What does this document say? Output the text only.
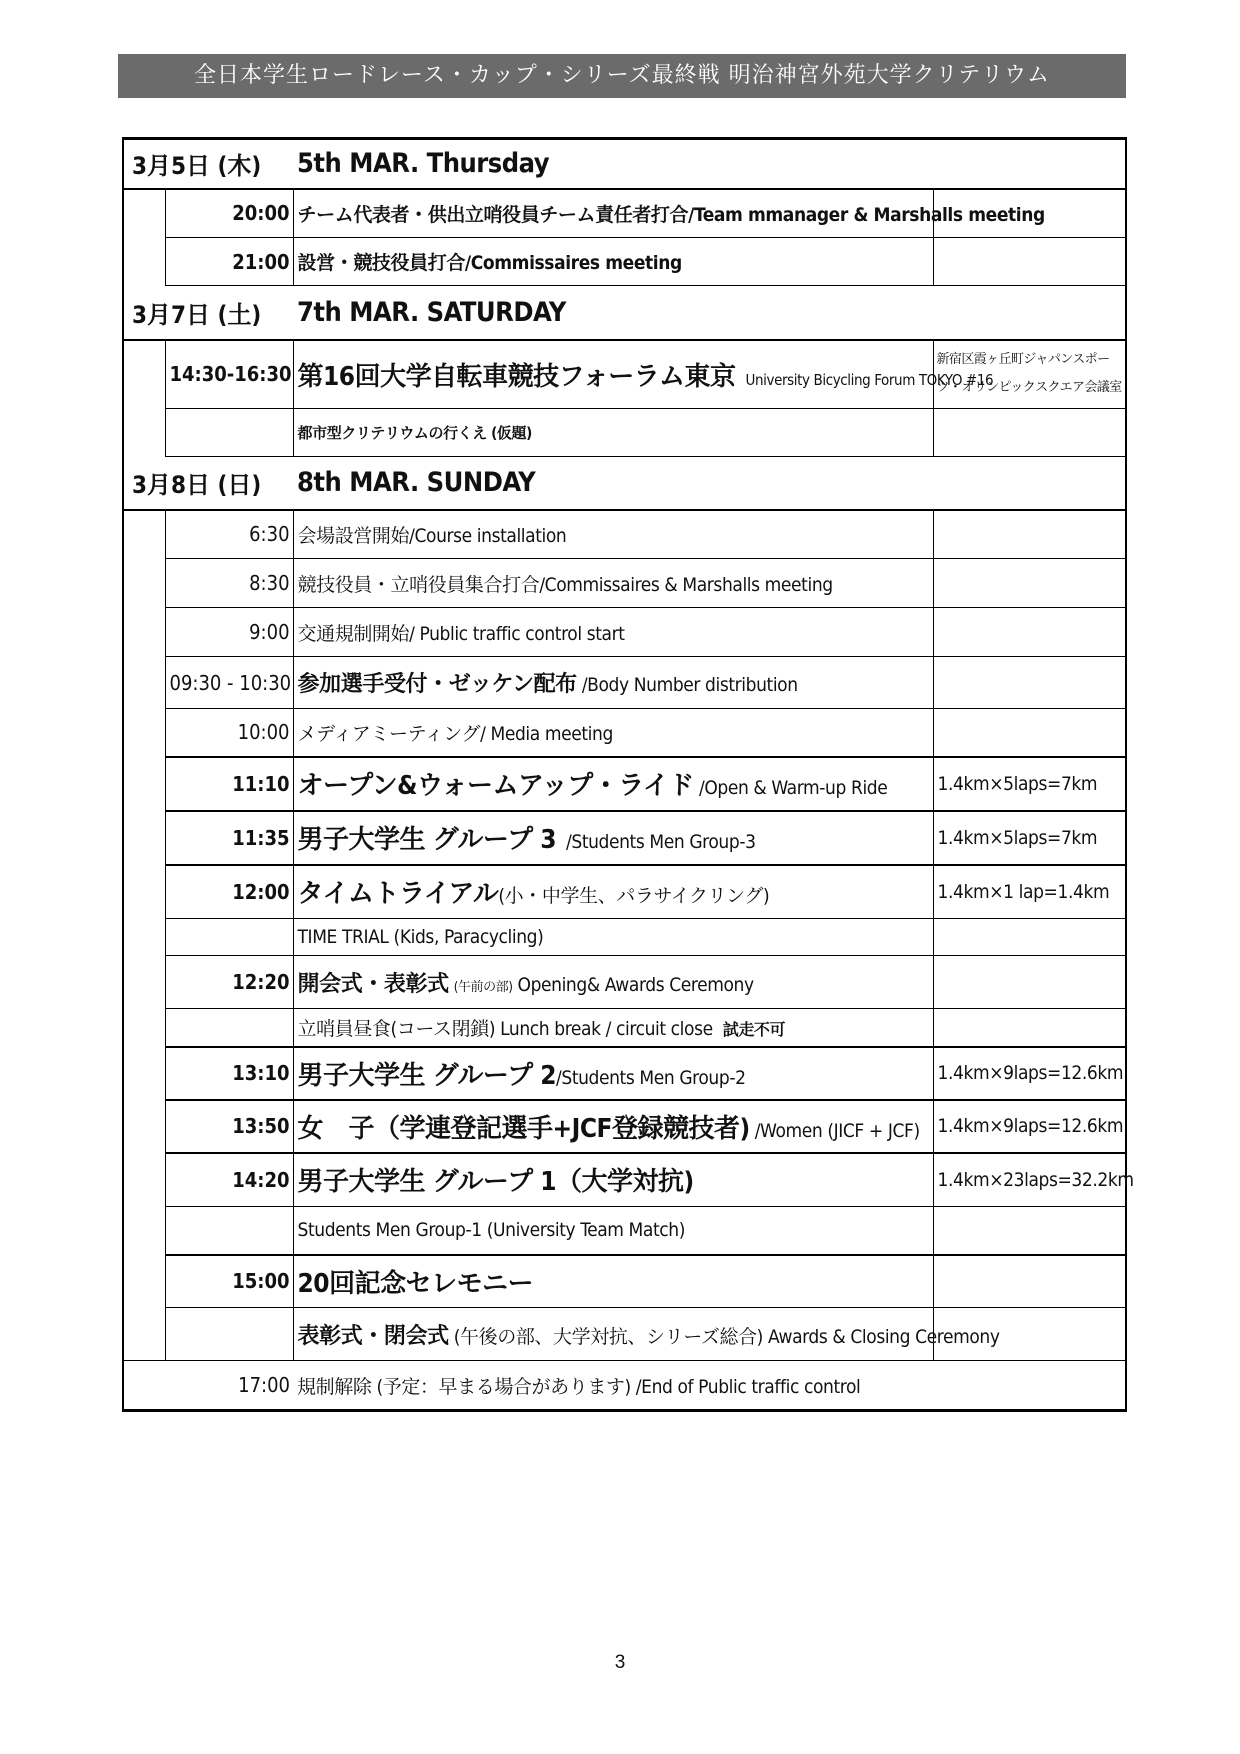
全日本学生ロードレース・カップ・シリーズ最終戦 明治神宮外苑大学クリテリウム
3月5日 (木)		5th MAR. Thursday	
	20:00	チーム代表者・供出立哨役員チーム責任者打合/Team mmanager & Marshalls meeting	
	21:00	設営・競技役員打合/Commissaires meeting	
3月7日 (土)		7th MAR. SATURDAY	
	14:30-16:30	第16回大学自転車競技フォーラム東京 University Bicycling Forum TOKYO #16	新宿区霞ヶ丘町ジャパンスポーツ・オリンピックスクエア会議室
		都市型クリテリウムの行くえ (仮題)	
3月8日 (日)		8th MAR. SUNDAY	
	6:30	会場設営開始/Course installation	
	8:30	競技役員・立哨役員集合打合/Commissaires & Marshalls meeting	
	9:00	交通規制開始/ Public traffic control start	
	09:30 - 10:30	参加選手受付・ゼッケン配布 /Body Number distribution	
	10:00	メディアミーティング/ Media meeting	
	11:10	オープン&ウォームアップ・ライド /Open & Warm-up Ride	1.4km×5laps=7km
	11:35	男子大学生 グループ 3 /Students Men Group-3	1.4km×5laps=7km
	12:00	タイムトライアル(小・中学生、パラサイクリング)	1.4km×1 lap=1.4km
		TIME TRIAL (Kids, Paracycling)	
	12:20	開会式・表彰式 (午前の部) Opening& Awards Ceremony	
		立哨員昼食(コース閉鎖) Lunch break / circuit close 試走不可	
	13:10	男子大学生 グループ 2/Students Men Group-2	1.4km×9laps=12.6km
	13:50	女　子（学連登記選手+JCF登録競技者) /Women (JICF + JCF)	1.4km×9laps=12.6km
	14:20	男子大学生 グループ 1（大学対抗)	1.4km×23laps=32.2km
		Students Men Group-1 (University Team Match)	
	15:00	20回記念セレモニー	
		表彰式・閉会式 (午後の部、大学対抗、シリーズ総合) Awards & Closing Ceremony	
	17:00	規制解除 (予定：早まる場合があります) /End of Public traffic control	
3
